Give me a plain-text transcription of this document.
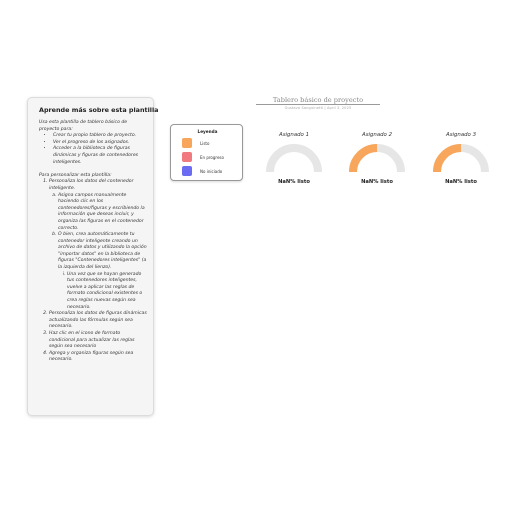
Aprende más sobre esta plantilla

Usa esta plantilla de tablero básico de

proyecto para:

• Crear tu propio tablero de proyecto.
• Ver el progreso de los asignados.
• Acceder a la biblioteca de figuras dinámicas y figuras de contenedores inteligentes.

Para personalizar esta plantilla:

1. Personaliza los datos del contenedor inteligente.
a. Asigna campos manualmente haciendo clic en los contenedores/figuras y escribiendo la información que deseas incluir, y organiza las figuras en el contenedor correcto.
b. O bien, crea automáticamente tu contenedor inteligente creando un archivo de datos y utilizando la opción "importar datos" en la biblioteca de figuras "Contenedores inteligentes" (a la izquierda del lienzo).
i. Una vez que se hayan generado tus contenedores inteligentes, vuelve a aplicar las reglas de formato condicional existentes o crea reglas nuevas según sea necesario.
2. Personaliza los datos de figuras dinámicas actualizando las fórmulas según sea necesario.
3. Haz clic en el icono de formato condicional para actualizar las reglas según sea necesario
4. Agrega y organiza figuras según sea necesario.
Tablero básico de proyecto
Gustavo Sanguinetti | April 3, 2025
Leyenda
Listo
En progreso
No iniciado
Asignado 1
NaN% listo
Asignado 2
NaN% listo
Asignado 3
NaN% listo
